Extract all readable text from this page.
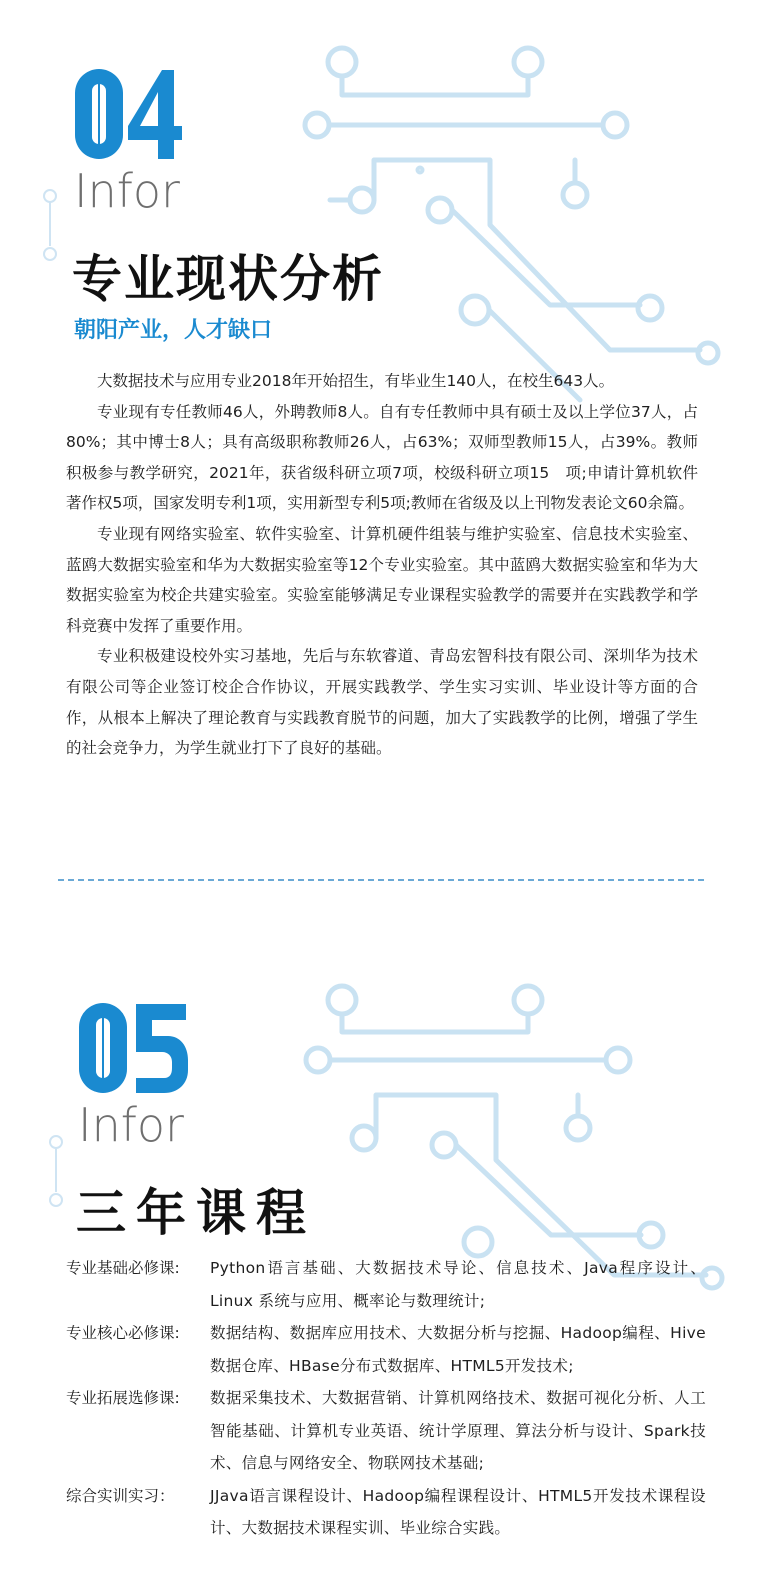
Infor
专业现状分析
朝阳产业，人才缺口

大数据技术与应用专业2018年开始招生，有毕业生140人，在校生643人。

专业现有专任教师46人，外聘教师8人。自有专任教师中具有硕士及以上学位37人，占80%；其中博士8人；具有高级职称教师26人，占63%；双师型教师15人，占39%。教师积极参与教学研究，2021年，获省级科研立项7项，校级科研立项15　项;申请计算机软件著作权5项，国家发明专利1项，实用新型专利5项;教师在省级及以上刊物发表论文60余篇。

专业现有网络实验室、软件实验室、计算机硬件组装与维护实验室、信息技术实验室、蓝鸥大数据实验室和华为大数据实验室等12个专业实验室。其中蓝鸥大数据实验室和华为大数据实验室为校企共建实验室。实验室能够满足专业课程实验教学的需要并在实践教学和学科竞赛中发挥了重要作用。

专业积极建设校外实习基地，先后与东软睿道、青岛宏智科技有限公司、深圳华为技术有限公司等企业签订校企合作协议，开展实践教学、学生实习实训、毕业设计等方面的合作，从根本上解决了理论教育与实践教育脱节的问题，加大了实践教学的比例，增强了学生的社会竞争力，为学生就业打下了良好的基础。

Infor
三年课程
专业基础必修课:	Python语言基础、大数据技术导论、信息技术、Java程序设计、Linux 系统与应用、概率论与数理统计;
专业核心必修课:	数据结构、数据库应用技术、大数据分析与挖掘、Hadoop编程、Hive数据仓库、HBase分布式数据库、HTML5开发技术;
专业拓展选修课:	数据采集技术、大数据营销、计算机网络技术、数据可视化分析、人工智能基础、计算机专业英语、统计学原理、算法分析与设计、Spark技术、信息与网络安全、物联网技术基础;
综合实训实习：	JJava语言课程设计、Hadoop编程课程设计、HTML5开发技术课程设计、大数据技术课程实训、毕业综合实践。
